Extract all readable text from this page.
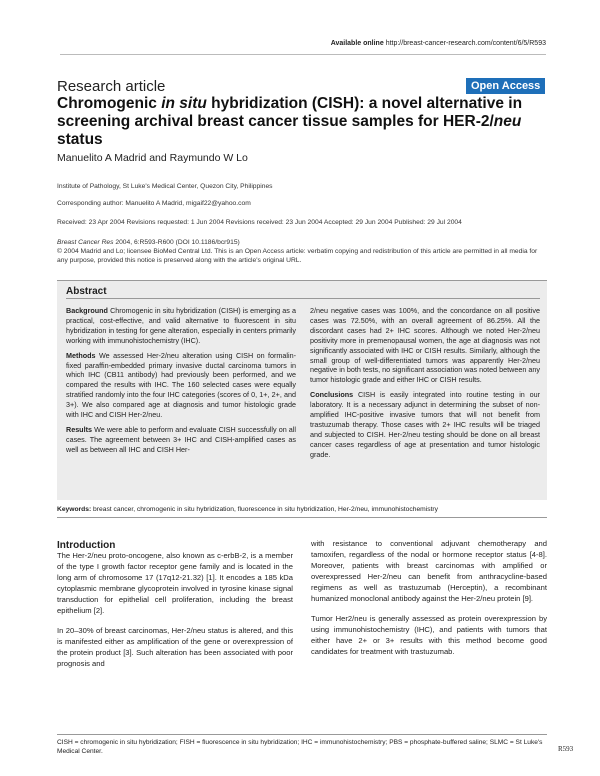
Available online http://breast-cancer-research.com/content/6/5/R593
Research article	Open Access
Chromogenic in situ hybridization (CISH): a novel alternative in screening archival breast cancer tissue samples for HER-2/neu status
Manuelito A Madrid and Raymundo W Lo
Institute of Pathology, St Luke's Medical Center, Quezon City, Philippines
Corresponding author: Manuelito A Madrid, migaif22@yahoo.com
Received: 23 Apr 2004 Revisions requested: 1 Jun 2004 Revisions received: 23 Jun 2004 Accepted: 29 Jun 2004 Published: 29 Jul 2004
Breast Cancer Res 2004, 6:R593-R600 (DOI 10.1186/bcr915)
© 2004 Madrid and Lo; licensee BioMed Central Ltd. This is an Open Access article: verbatim copying and redistribution of this article are permitted in all media for any purpose, provided this notice is preserved along with the article's original URL.
Abstract

Background Chromogenic in situ hybridization (CISH) is emerging as a practical, cost-effective, and valid alternative to fluorescent in situ hybridization in testing for gene alteration, especially in centers primarily working with immunohistochemistry (IHC).

Methods We assessed Her-2/neu alteration using CISH on formalin-fixed paraffin-embedded primary invasive ductal carcinoma tumors in which IHC (CB11 antibody) had previously been performed, and we compared the results with IHC. The 160 selected cases were equally stratified randomly into the four IHC categories (scores of 0, 1+, 2+, and 3+). We also compared age at diagnosis and tumor histologic grade with IHC and CISH Her-2/neu.

Results We were able to perform and evaluate CISH successfully on all cases. The agreement between 3+ IHC and CISH-amplified cases as well as between all IHC and CISH Her-

2/neu negative cases was 100%, and the concordance on all positive cases was 72.50%, with an overall agreement of 86.25%. All the discordant cases had 2+ IHC scores. Although we noted Her-2/neu positivity more in premenopausal women, the age at diagnosis was not significantly associated with IHC or CISH results. Similarly, although the small group of well-differentiated tumors was apparently Her-2/neu negative in both tests, no significant association was noted between any tumor histologic grade and either IHC or CISH results.

Conclusions CISH is easily integrated into routine testing in our laboratory. It is a necessary adjunct in determining the subset of non-amplified IHC-positive invasive tumors that will not benefit from trastuzumab therapy. Those cases with 2+ IHC results will be triaged and subjected to CISH. Her-2/neu testing should be done on all breast cancer cases regardless of age at presentation and tumor histologic grade.

Keywords: breast cancer, chromogenic in situ hybridization, fluorescence in situ hybridization, Her-2/neu, immunohistochemistry
Introduction

The Her-2/neu proto-oncogene, also known as c-erbB-2, is a member of the type I growth factor receptor gene family and is located in the long arm of chromosome 17 (17q12-21.32) [1]. It encodes a 185 kDa cytoplasmic membrane glycoprotein involved in tyrosine kinase signal transduction for epithelial cell proliferation, including the breast epithelium [2].

In 20–30% of breast carcinomas, Her-2/neu status is altered, and this is manifested either as amplification of the gene or overexpression of the protein product [3]. Such alteration has been associated with poor prognosis and

with resistance to conventional adjuvant chemotherapy and tamoxifen, regardless of the nodal or hormone receptor status [4-8]. Moreover, patients with breast carcinomas with amplified or overexpressed Her-2/neu can benefit from anthracycline-based regimens as well as trastuzumab (Herceptin), a recombinant humanized monoclonal antibody against the Her-2/neu protein [9].

Tumor Her2/neu is generally assessed as protein overexpression by using immunohistochemistry (IHC), and patients with tumors that either have 2+ or 3+ results with this method become good candidates for treatment with trastuzumab.

CISH = chromogenic in situ hybridization; FISH = fluorescence in situ hybridization; IHC = immunohistochemistry; PBS = phosphate-buffered saline; SLMC = St Luke's Medical Center.	R593
